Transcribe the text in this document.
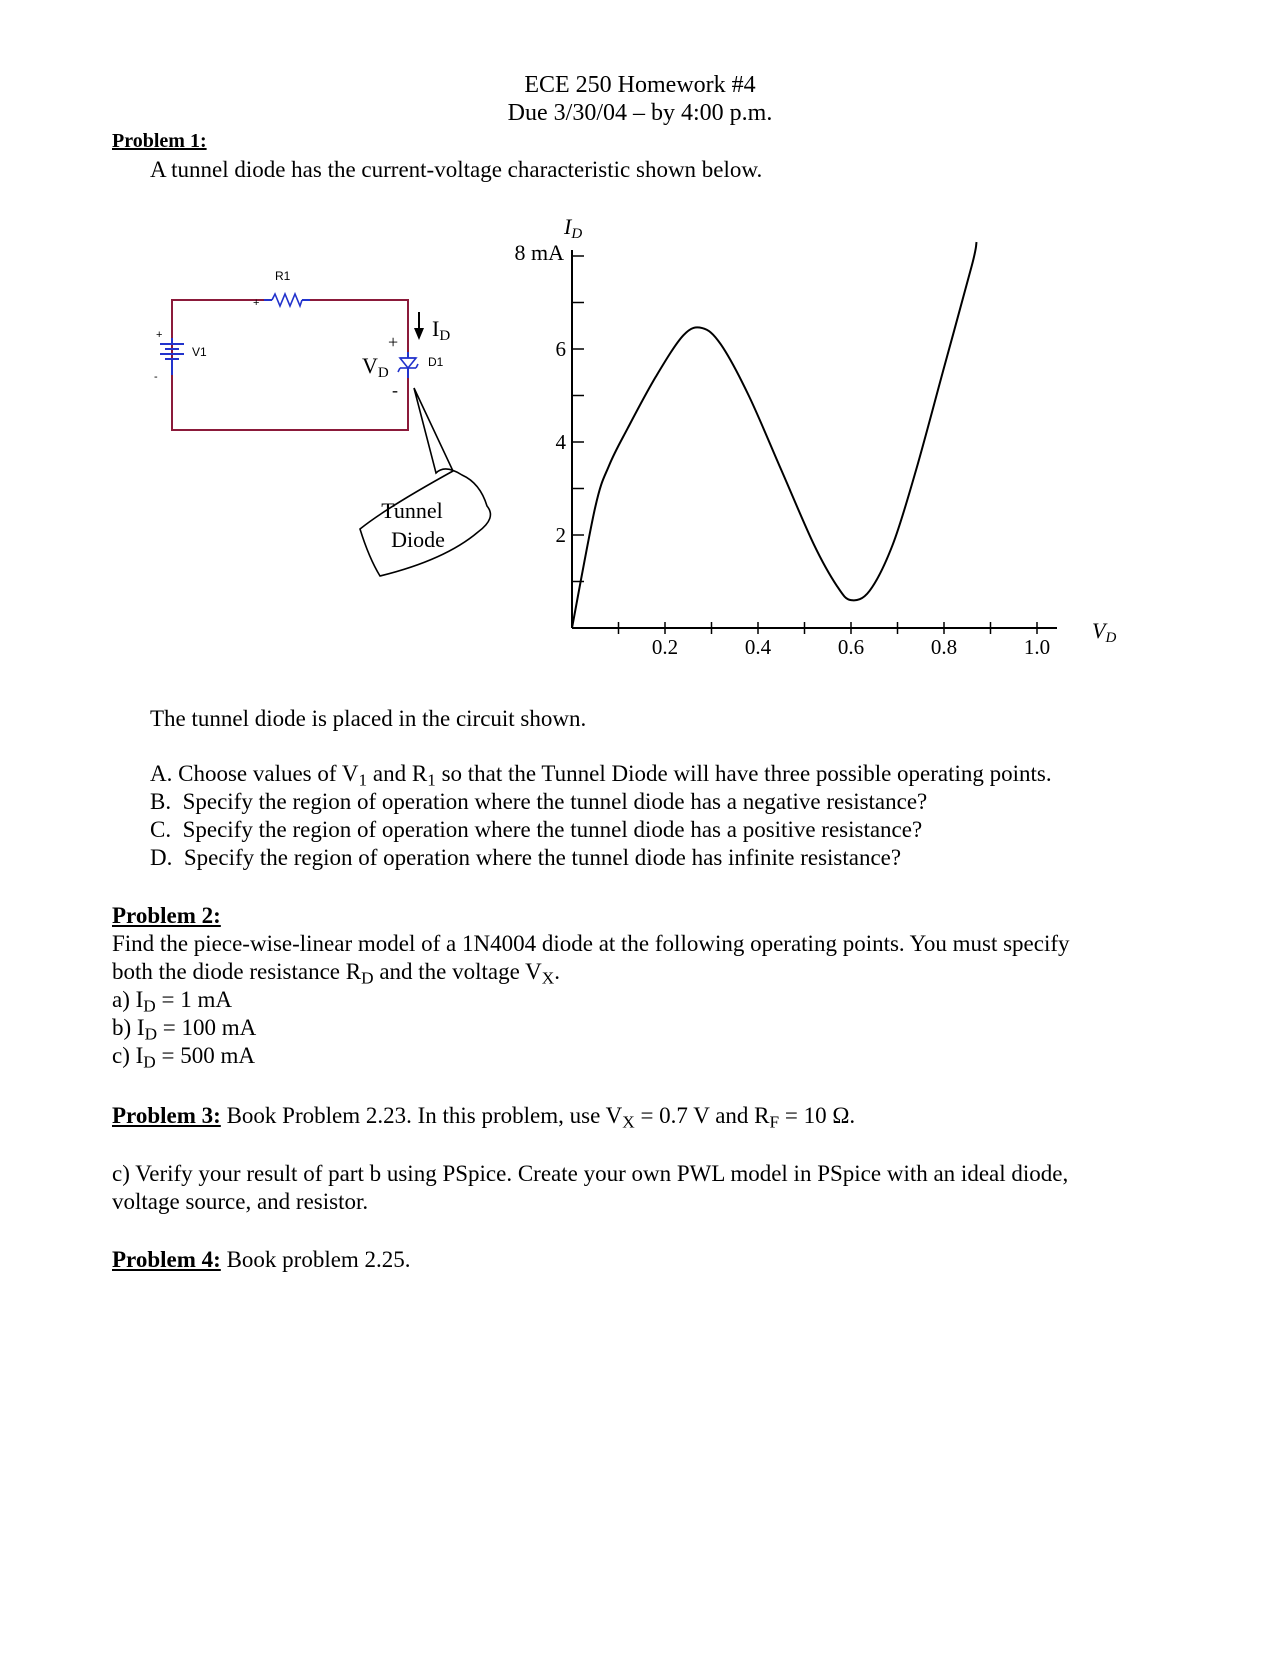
ECE 250 Homework #4
Due 3/30/04 – by 4:00 p.m.
Problem 1:
A tunnel diode has the current-voltage characteristic shown below.
R1
+
+
-
V1
D1
+
-
VD
ID
Tunnel
Diode
ID
8 mA
VD
0.2	0.4	0.6	0.8	1.0
2
4
6
The tunnel diode is placed in the circuit shown.
A. Choose values of $V_1$ and $R_1$ so that the Tunnel Diode will have three possible operating points.
B. Specify the region of operation where the tunnel diode has a negative resistance?
C. Specify the region of operation where the tunnel diode has a positive resistance?
D. Specify the region of operation where the tunnel diode has infinite resistance?
Problem 2:
Find the piece-wise-linear model of a 1N4004 diode at the following operating points. You must specify
both the diode resistance $R_D$ and the voltage $V_X$.
a) $I_D = 1$ mA
b) $I_D = 100$ mA
c) $I_D = 500$ mA
Problem 3: Book Problem 2.23. In this problem, use $V_X = 0.7$ V and $R_F = 10$ Ω.
c) Verify your result of part b using PSpice. Create your own PWL model in PSpice with an ideal diode,
voltage source, and resistor.
Problem 4: Book problem 2.25.
